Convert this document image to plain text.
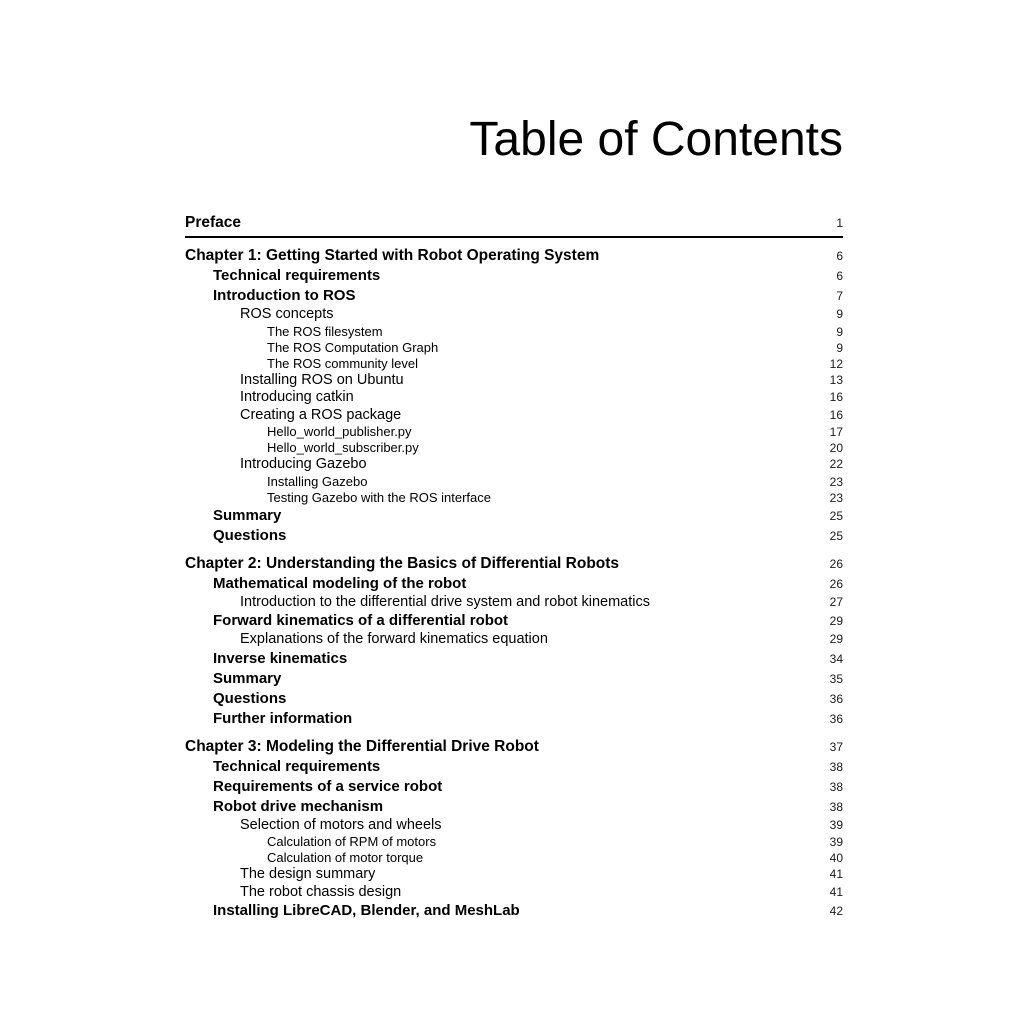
Table of Contents
Preface	1
Chapter 1: Getting Started with Robot Operating System	6
Technical requirements	6
Introduction to ROS	7
ROS concepts	9
The ROS filesystem	9
The ROS Computation Graph	9
The ROS community level	12
Installing ROS on Ubuntu	13
Introducing catkin	16
Creating a ROS package	16
Hello_world_publisher.py	17
Hello_world_subscriber.py	20
Introducing Gazebo	22
Installing Gazebo	23
Testing Gazebo with the ROS interface	23
Summary	25
Questions	25
Chapter 2: Understanding the Basics of Differential Robots	26
Mathematical modeling of the robot	26
Introduction to the differential drive system and robot kinematics	27
Forward kinematics of a differential robot	29
Explanations of the forward kinematics equation	29
Inverse kinematics	34
Summary	35
Questions	36
Further information	36
Chapter 3: Modeling the Differential Drive Robot	37
Technical requirements	38
Requirements of a service robot	38
Robot drive mechanism	38
Selection of motors and wheels	39
Calculation of RPM of motors	39
Calculation of motor torque	40
The design summary	41
The robot chassis design	41
Installing LibreCAD, Blender, and MeshLab	42
